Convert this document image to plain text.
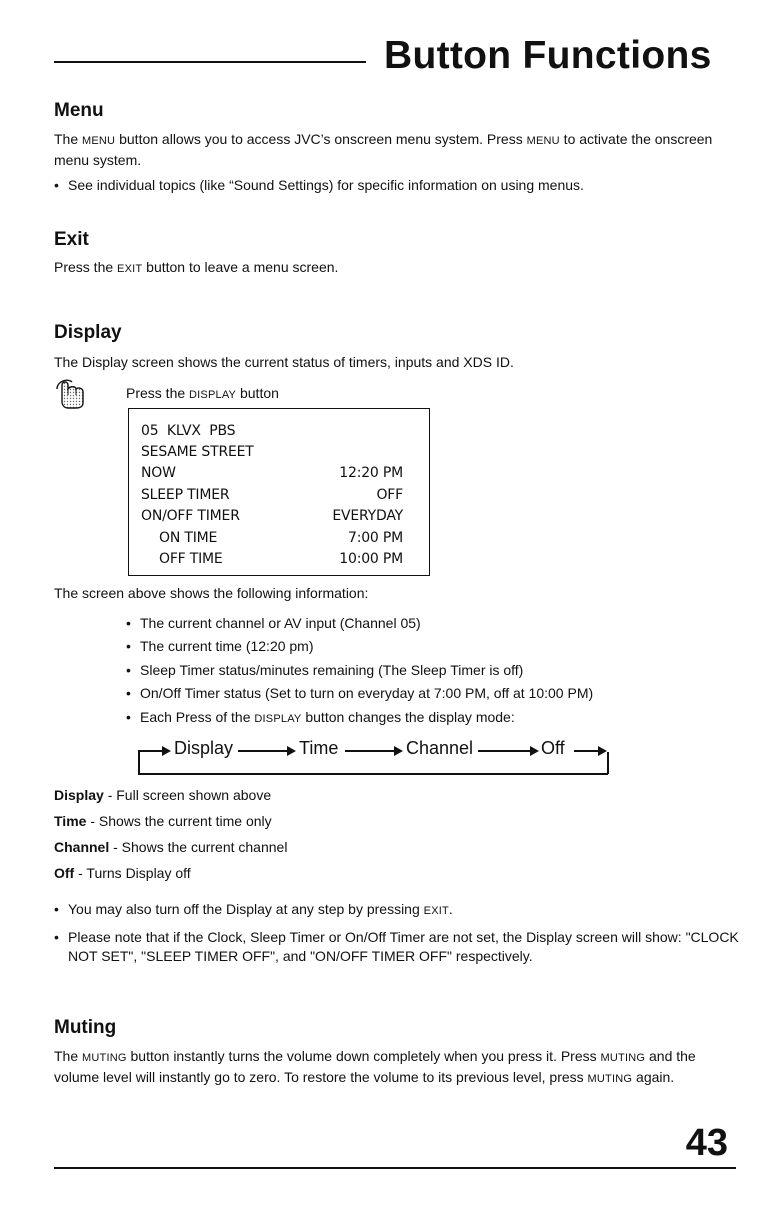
Button Functions
Menu

The MENU button allows you to access JVC’s onscreen menu system. Press MENU to activate the onscreen menu system.

• See individual topics (like “Sound Settings) for specific information on using menus.

Exit

Press the EXIT button to leave a menu screen.

Display

The Display screen shows the current status of timers, inputs and XDS ID.

Press the DISPLAY button

05  KLVX  PBS
SESAME STREET
NOW	12:20 PM
SLEEP TIMER	OFF
ON/OFF TIMER	EVERYDAY
ON TIME	7:00 PM
OFF TIME	10:00 PM

The screen above shows the following information:

• The current channel or AV input (Channel 05)
• The current time (12:20 pm)
• Sleep Timer status/minutes remaining (The Sleep Timer is off)
• On/Off Timer status (Set to turn on everyday at 7:00 PM, off at 10:00 PM)
• Each Press of the DISPLAY button changes the display mode:
Display	Time	Channel	Off
Display - Full screen shown above
Time - Shows the current time only
Channel - Shows the current channel
Off - Turns Display off

• You may also turn off the Display at any step by pressing EXIT.

• Please note that if the Clock, Sleep Timer or On/Off Timer are not set, the Display screen will show: "CLOCK NOT SET", "SLEEP TIMER OFF", and "ON/OFF TIMER OFF" respectively.

Muting

The MUTING button instantly turns the volume down completely when you press it. Press MUTING and the volume level will instantly go to zero. To restore the volume to its previous level, press MUTING again.

43
